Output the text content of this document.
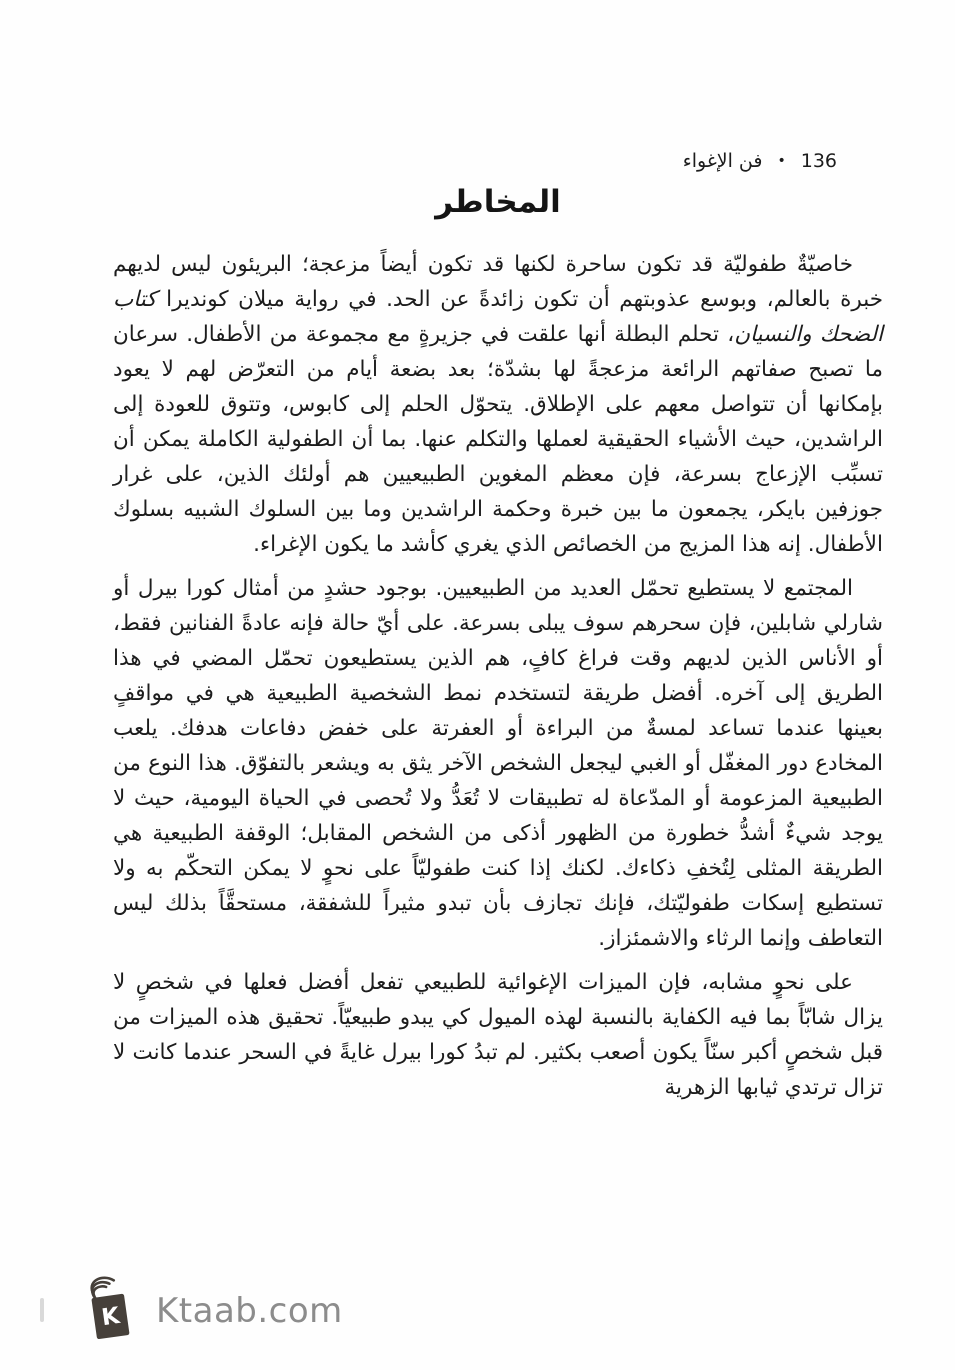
136
•
فن الإغواء
المخاطر

خاصيّةٌ طفوليّة قد تكون ساحرة لكنها قد تكون أيضاً مزعجة؛ البريئون ليس لديهم خبرة بالعالم، وبوسع عذوبتهم أن تكون زائدةً عن الحد. في رواية ميلان كونديرا كتاب الضحك والنسيان، تحلم البطلة أنها علقت في جزيرةٍ مع مجموعة من الأطفال. سرعان ما تصبح صفاتهم الرائعة مزعجةً لها بشدّة؛ بعد بضعة أيام من التعرّض لهم لا يعود بإمكانها أن تتواصل معهم على الإطلاق. يتحوّل الحلم إلى كابوس، وتتوق للعودة إلى الراشدين، حيث الأشياء الحقيقية لعملها والتكلم عنها. بما أن الطفولية الكاملة يمكن أن تسبِّب الإزعاج بسرعة، فإن معظم المغوين الطبيعيين هم أولئك الذين، على غرار جوزفين بايكر، يجمعون ما بين خبرة وحكمة الراشدين وما بين السلوك الشبيه بسلوك الأطفال. إنه هذا المزيج من الخصائص الذي يغري كأشد ما يكون الإغراء.

المجتمع لا يستطيع تحمّل العديد من الطبيعيين. بوجود حشدٍ من أمثال كورا بيرل أو شارلي شابلين، فإن سحرهم سوف يبلى بسرعة. على أيّ حالة فإنه عادةً الفنانين فقط، أو الأناس الذين لديهم وقت فراغ كافٍ، هم الذين يستطيعون تحمّل المضي في هذا الطريق إلى آخره. أفضل طريقة لتستخدم نمط الشخصية الطبيعية هي في مواقفٍ بعينها عندما تساعد لمسةٌ من البراءة أو العفرتة على خفض دفاعات هدفك. يلعب المخادع دور المغفّل أو الغبي ليجعل الشخص الآخر يثق به ويشعر بالتفوّق. هذا النوع من الطبيعية المزعومة أو المدّعاة له تطبيقات لا تُعَدُّ ولا تُحصى في الحياة اليومية، حيث لا يوجد شيءٌ أشدُّ خطورة من الظهور أذكى من الشخص المقابل؛ الوقفة الطبيعية هي الطريقة المثلى لِتُخفِ ذكاءك. لكنك إذا كنت طفوليّاً على نحوٍ لا يمكن التحكّم به ولا تستطيع إسكات طفوليّتك، فإنك تجازف بأن تبدو مثيراً للشفقة، مستحقَّاً بذلك ليس التعاطف وإنما الرثاء والاشمئزاز.

على نحوٍ مشابه، فإن الميزات الإغوائية للطبيعي تفعل أفضل فعلها في شخصٍ لا يزال شابّاً بما فيه الكفاية بالنسبة لهذه الميول كي يبدو طبيعيّاً. تحقيق هذه الميزات من قبل شخصٍ أكبر سنّاً يكون أصعب بكثير. لم تبدُ كورا بيرل غايةً في السحر عندما كانت لا تزال ترتدي ثيابها الزهرية

K Ktaab.com
